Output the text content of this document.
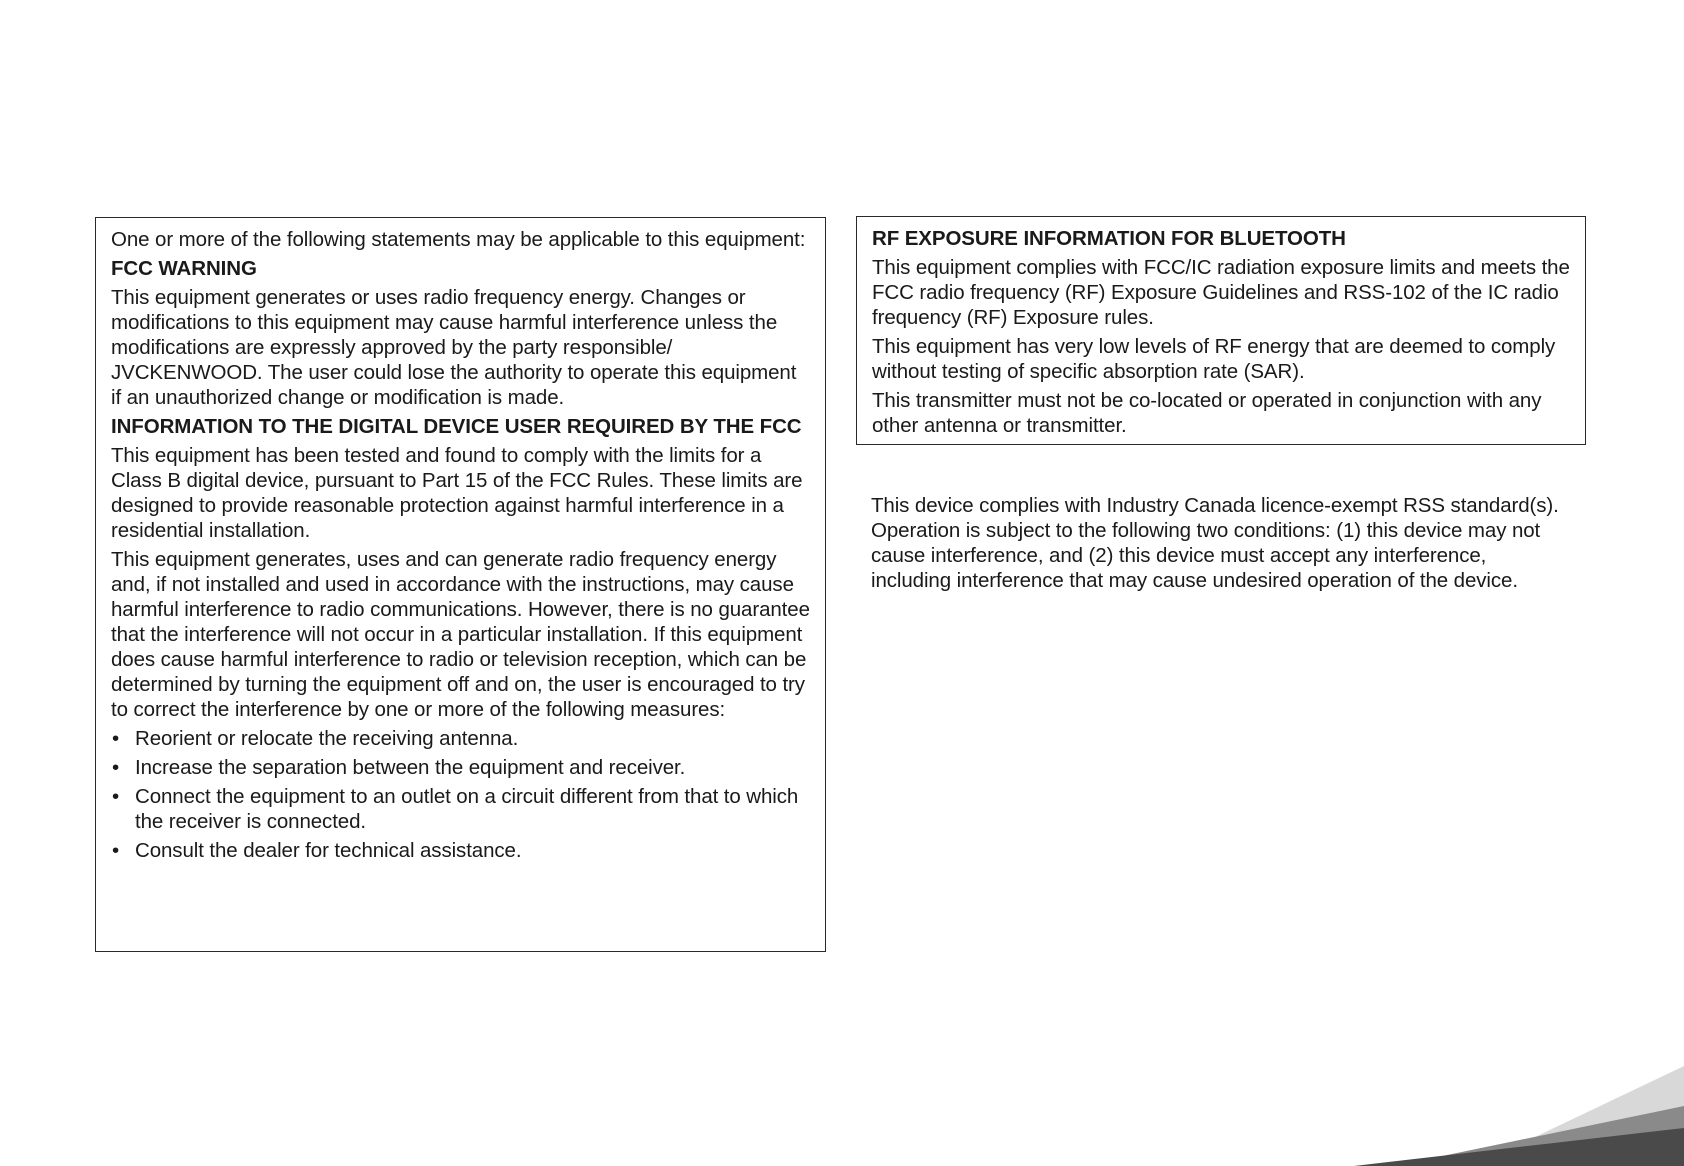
One or more of the following statements may be applicable to this equipment:

FCC WARNING

This equipment generates or uses radio frequency energy. Changes or modifications to this equipment may cause harmful interference unless the modifications are expressly approved by the party responsible/ JVCKENWOOD. The user could lose the authority to operate this equipment if an unauthorized change or modification is made.

INFORMATION TO THE DIGITAL DEVICE USER REQUIRED BY THE FCC

This equipment has been tested and found to comply with the limits for a Class B digital device, pursuant to Part 15 of the FCC Rules. These limits are designed to provide reasonable protection against harmful interference in a residential installation.

This equipment generates, uses and can generate radio frequency energy and, if not installed and used in accordance with the instructions, may cause harmful interference to radio communications. However, there is no guarantee that the interference will not occur in a particular installation. If this equipment does cause harmful interference to radio or television reception, which can be determined by turning the equipment off and on, the user is encouraged to try to correct the interference by one or more of the following measures:

• Reorient or relocate the receiving antenna.
• Increase the separation between the equipment and receiver.
• Connect the equipment to an outlet on a circuit different from that to which the receiver is connected.
• Consult the dealer for technical assistance.

RF EXPOSURE INFORMATION FOR BLUETOOTH

This equipment complies with FCC/IC radiation exposure limits and meets the FCC radio frequency (RF) Exposure Guidelines and RSS-102 of the IC radio frequency (RF) Exposure rules.

This equipment has very low levels of RF energy that are deemed to comply without testing of specific absorption rate (SAR).

This transmitter must not be co-located or operated in conjunction with any other antenna or transmitter.

This device complies with Industry Canada licence-exempt RSS standard(s). Operation is subject to the following two conditions: (1) this device may not cause interference, and (2) this device must accept any interference, including interference that may cause undesired operation of the device.
